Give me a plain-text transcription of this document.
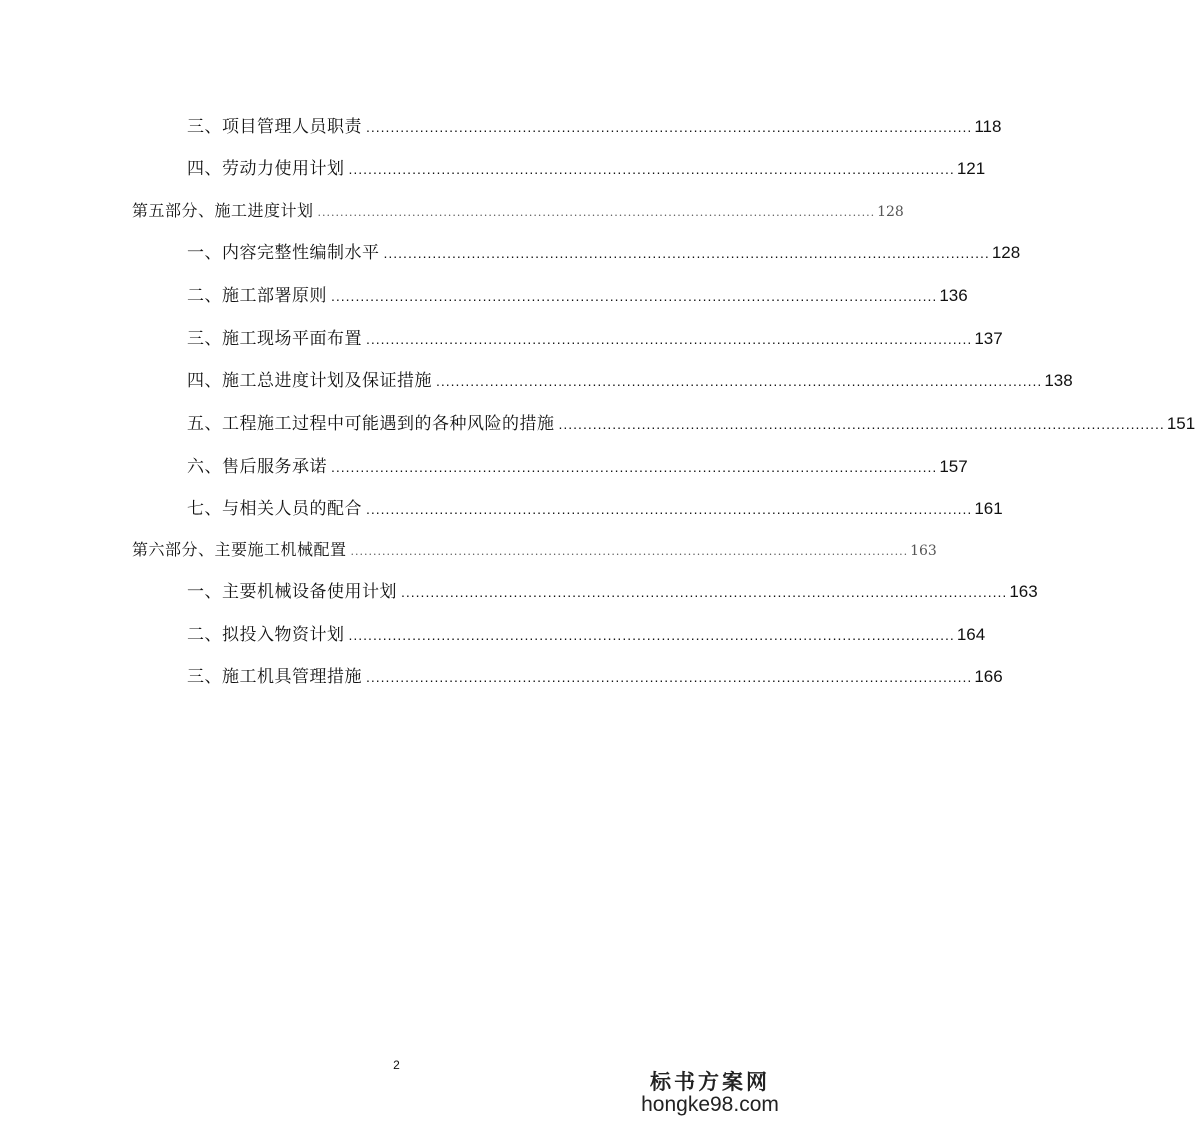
三、项目管理人员职责 ............................................................................................................................ 118
四、劳动力使用计划 ............................................................................................................................ 121
第五部分、施工进度计划 ............................................................................................................................ 128
一、内容完整性编制水平 ............................................................................................................................ 128
二、施工部署原则 ............................................................................................................................ 136
三、施工现场平面布置 ............................................................................................................................ 137
四、施工总进度计划及保证措施 ............................................................................................................................ 138
五、工程施工过程中可能遇到的各种风险的措施 ............................................................................................................................ 151
六、售后服务承诺 ............................................................................................................................ 157
七、与相关人员的配合 ............................................................................................................................ 161
第六部分、主要施工机械配置 ............................................................................................................................ 163
一、主要机械设备使用计划 ............................................................................................................................ 163
二、拟投入物资计划 ............................................................................................................................ 164
三、施工机具管理措施 ............................................................................................................................ 166
2
标书方案网
hongke98.com
